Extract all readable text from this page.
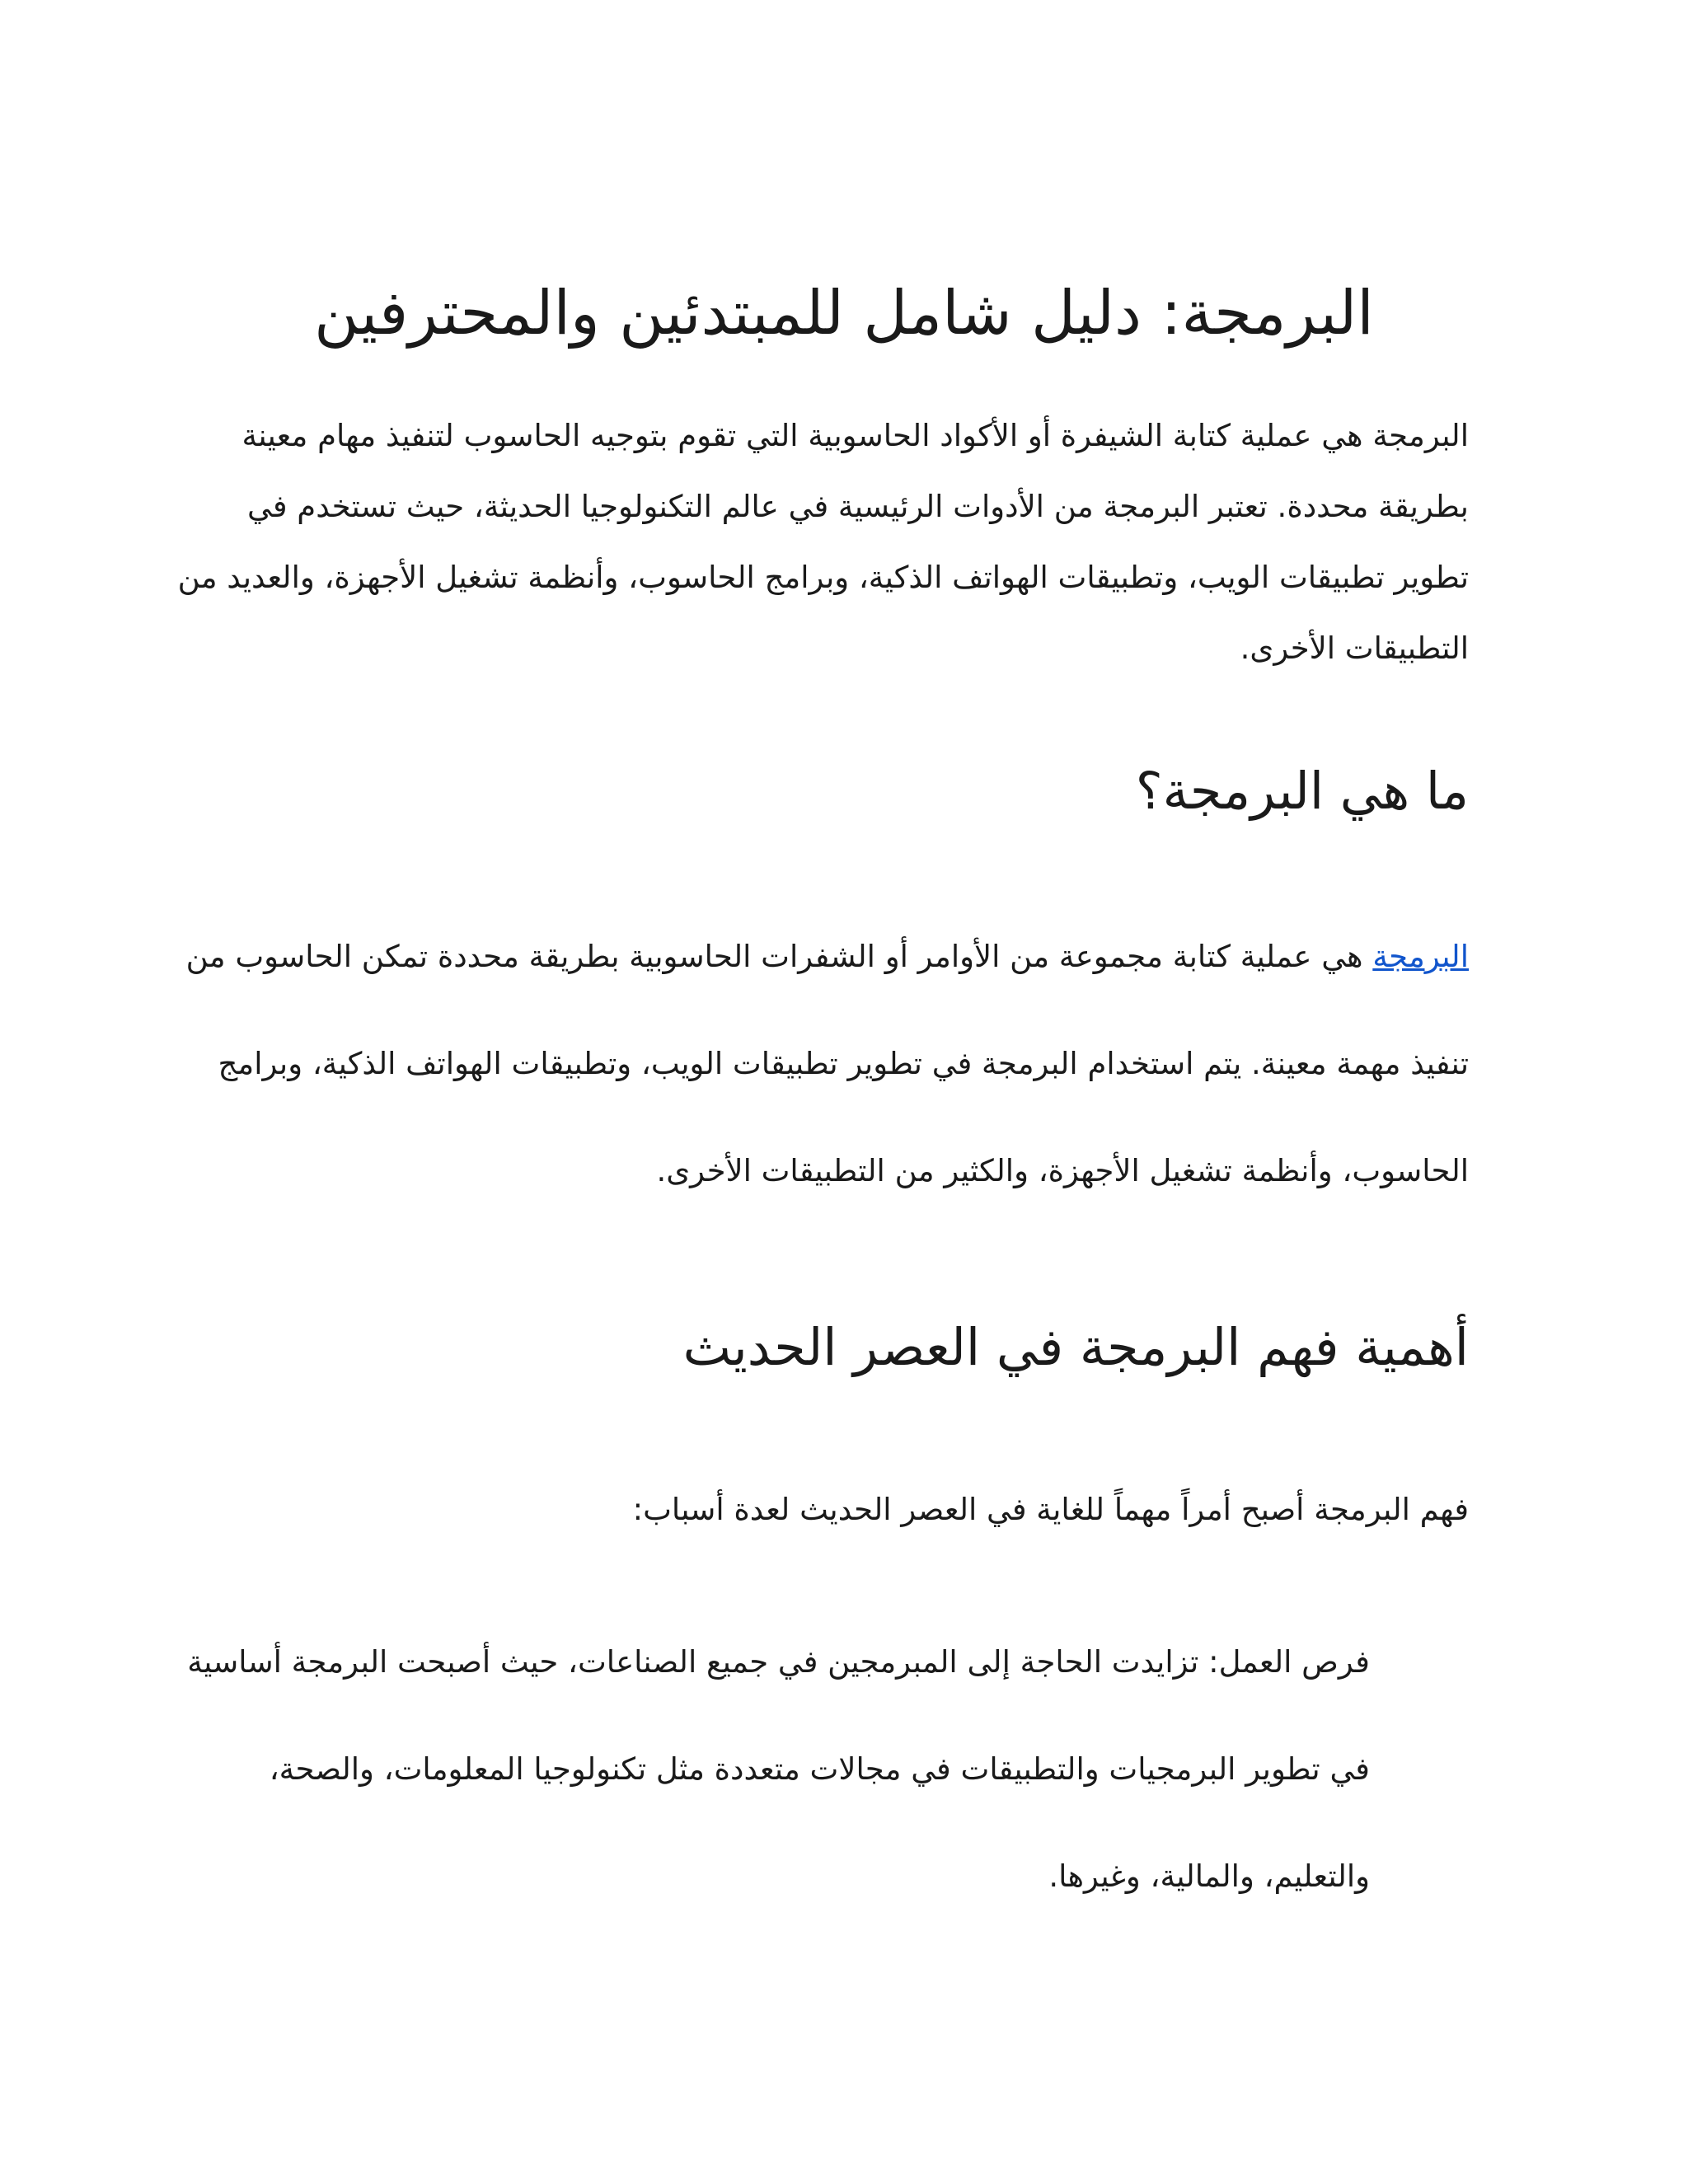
البرمجة: دليل شامل للمبتدئين والمحترفين

البرمجة هي عملية كتابة الشيفرة أو الأكواد الحاسوبية التي تقوم بتوجيه الحاسوب لتنفيذ مهام معينة بطريقة محددة. تعتبر البرمجة من الأدوات الرئيسية في عالم التكنولوجيا الحديثة، حيث تستخدم في تطوير تطبيقات الويب، وتطبيقات الهواتف الذكية، وبرامج الحاسوب، وأنظمة تشغيل الأجهزة، والعديد من التطبيقات الأخرى.

ما هي البرمجة؟

البرمجة هي عملية كتابة مجموعة من الأوامر أو الشفرات الحاسوبية بطريقة محددة تمكن الحاسوب من تنفيذ مهمة معينة. يتم استخدام البرمجة في تطوير تطبيقات الويب، وتطبيقات الهواتف الذكية، وبرامج الحاسوب، وأنظمة تشغيل الأجهزة، والكثير من التطبيقات الأخرى.

أهمية فهم البرمجة في العصر الحديث

فهم البرمجة أصبح أمراً مهماً للغاية في العصر الحديث لعدة أسباب:

فرص العمل: تزايدت الحاجة إلى المبرمجين في جميع الصناعات، حيث أصبحت البرمجة أساسية في تطوير البرمجيات والتطبيقات في مجالات متعددة مثل تكنولوجيا المعلومات، والصحة، والتعليم، والمالية، وغيرها.
